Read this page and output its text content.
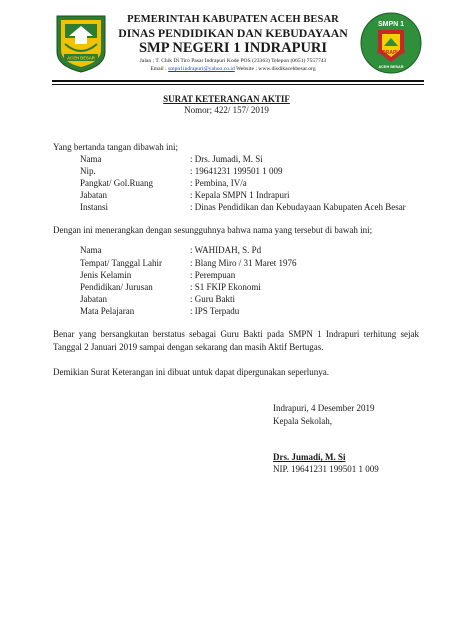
ACEH BESAR
PEMERINTAH KABUPATEN ACEH BESAR
DINAS PENDIDIKAN DAN KEBUDAYAAN
SMP NEGERI 1 INDRAPURI
Jalan ; T. Chik Di Tiro Pasar Indrapuri Kode POS (23363) Telepon (0651) 7557743
Email : smpn1indrapuri@yahoo.co.id Website ; www.disdikacehbesar.org
SMPN 1
INDRAPURI
ACEH BESAR
SURAT KETERANGAN AKTIF
Nomor; 422/ 157/ 2019
Yang bertanda tangan dibawah ini;
Nama	: Drs. Jumadi, M. Si
Nip.	: 19641231 199501 1 009
Pangkat/ Gol.Ruang	: Pembina, IV/a
Jabatan	: Kepala SMPN 1 Indrapuri
Instansi	: Dinas Pendidikan dan Kebudayaan Kabupaten Aceh Besar
Dengan ini menerangkan dengan sesungguhnya bahwa nama yang tersebut di bawah ini;
Nama	: WAHIDAH, S. Pd
Tempat/ Tanggal Lahir	: Blang Miro / 31 Maret 1976
Jenis Kelamin	: Perempuan
Pendidikan/ Jurusan	: S1 FKIP Ekonomi
Jabatan	: Guru Bakti
Mata Pelajaran	: IPS Terpadu
Benar yang bersangkutan berstatus sebagai Guru Bakti pada SMPN 1 Indrapuri terhitung sejak Tanggal 2 Januari 2019 sampai dengan sekarang dan masih Aktif Bertugas.
Demikian Surat Keterangan ini dibuat untuk dapat dipergunakan seperlunya.
Indrapuri, 4 Desember 2019
Kepala Sekolah,
Drs. Jumadi, M. Si
NIP. 19641231 199501 1 009
